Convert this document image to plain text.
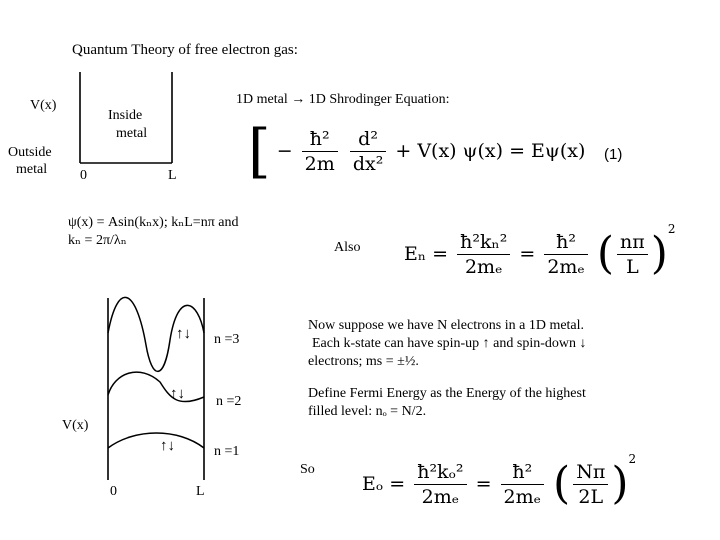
Quantum Theory of free electron gas:
V(x)
Inside
metal
Outside
metal 0	L
1D metal → 1D Shrodinger Equation:
[ − $\frac{\text{ħ²}}{2m}$
$\frac{\text{d²}}{\text{dx²}} + V(x) \psi(x) = E\psi(x)$ (1)
ψ(x) = Asin(kₙx); kₙL=nπ and
kₙ = 2π/λₙ	Also $E_n = \frac{\text{ħ²kₙ²}}{\text{2mₑ}} = \frac{\text{ħ²}}{\text{2mₑ}}$ ( $\frac{n\pi}{L} )^2$
↑↓ n =3
↑↓ n =2
↑↓	n =1
V(x)
0	L
Now suppose we have N electrons in a 1D metal.
Each k-state can have spin-up ↑ and spin-down ↓
electrons; ms = ±½.
Define Fermi Energy as the Energy of the highest
filled level: nₒ = N/2.
So
$E_o = \frac{\text{ħ²kₒ²}}{\text{2mₑ}} = \frac{\text{ħ²}}{\text{2mₑ}}$ ( $\frac{N\pi}{2L} )^2$
